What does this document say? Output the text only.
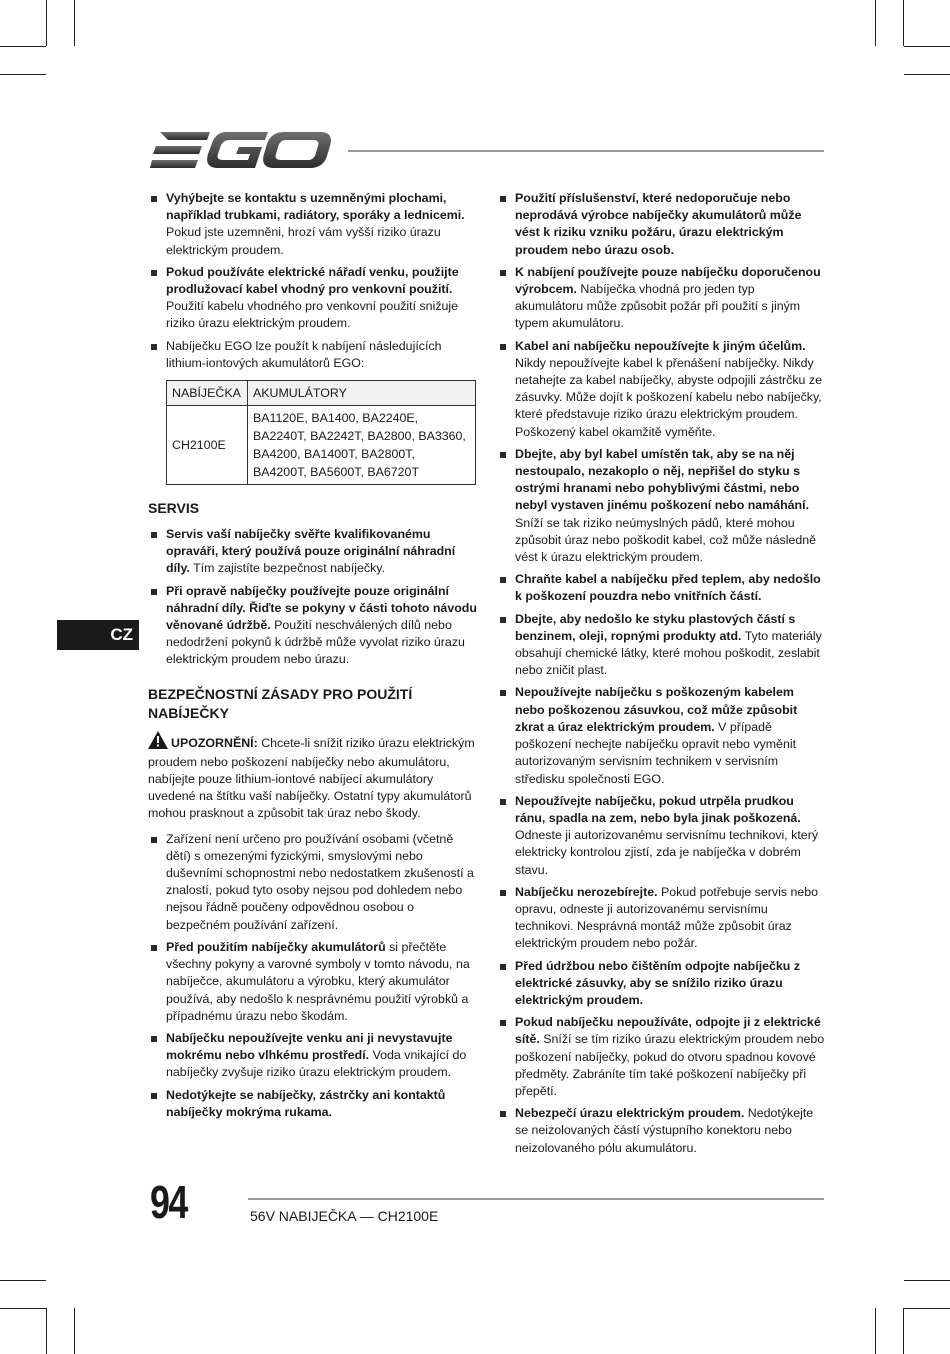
CZ
Vyhýbejte se kontaktu s uzemněnými plochami, například trubkami, radiátory, sporáky a lednicemi. Pokud jste uzemněni, hrozí vám vyšší riziko úrazu elektrickým proudem.
Pokud používáte elektrické nářadí venku, použijte prodlužovací kabel vhodný pro venkovní použití. Použití kabelu vhodného pro venkovní použití snižuje riziko úrazu elektrickým proudem.
Nabíječku EGO lze použít k nabíjení následujících lithium-iontových akumulátorů EGO:
NABÍJEČKA	AKUMULÁTORY
CH2100E	BA1120E, BA1400, BA2240E, BA2240T, BA2242T, BA2800, BA3360, BA4200, BA1400T, BA2800T, BA4200T, BA5600T, BA6720T
SERVIS
Servis vaší nabíječky svěřte kvalifikovanému opraváři, který používá pouze originální náhradní díly. Tím zajistíte bezpečnost nabíječky.
Při opravě nabíječky používejte pouze originální náhradní díly. Řiďte se pokyny v části tohoto návodu věnované údržbě. Použití neschválených dílů nebo nedodržení pokynů k údržbě může vyvolat riziko úrazu elektrickým proudem nebo úrazu.
BEZPEČNOSTNÍ ZÁSADY PRO POUŽITÍ NABÍJEČKY
UPOZORNĚNÍ: Chcete-li snížit riziko úrazu elektrickým proudem nebo poškození nabíječky nebo akumulátoru, nabíjejte pouze lithium-iontové nabíjecí akumulátory uvedené na štítku vaší nabíječky. Ostatní typy akumulátorů mohou prasknout a způsobit tak úraz nebo škody.
Zařízení není určeno pro používání osobami (včetně dětí) s omezenými fyzickými, smyslovými nebo duševními schopnostmi nebo nedostatkem zkušeností a znalostí, pokud tyto osoby nejsou pod dohledem nebo nejsou řádně poučeny odpovědnou osobou o bezpečném používání zařízení.
Před použitím nabíječky akumulátorů si přečtěte všechny pokyny a varovné symboly v tomto návodu, na nabíječce, akumulátoru a výrobku, který akumulátor používá, aby nedošlo k nesprávnému použití výrobků a případnému úrazu nebo škodám.
Nabíječku nepoužívejte venku ani ji nevystavujte mokrému nebo vlhkému prostředí. Voda vnikající do nabíječky zvyšuje riziko úrazu elektrickým proudem.
Nedotýkejte se nabíječky, zástrčky ani kontaktů nabíječky mokrýma rukama.
Použití příslušenství, které nedoporučuje nebo neprodává výrobce nabíječky akumulátorů může vést k riziku vzniku požáru, úrazu elektrickým proudem nebo úrazu osob.
K nabíjení používejte pouze nabíječku doporučenou výrobcem. Nabíječka vhodná pro jeden typ akumulátoru může způsobit požár při použití s jiným typem akumulátoru.
Kabel ani nabíječku nepoužívejte k jiným účelům. Nikdy nepoužívejte kabel k přenášení nabíječky. Nikdy netahejte za kabel nabíječky, abyste odpojili zástrčku ze zásuvky. Může dojít k poškození kabelu nebo nabíječky, které představuje riziko úrazu elektrickým proudem. Poškozený kabel okamžitě vyměňte.
Dbejte, aby byl kabel umístěn tak, aby se na něj nestoupalo, nezakoplo o něj, nepřišel do styku s ostrými hranami nebo pohyblivými částmi, nebo nebyl vystaven jinému poškození nebo namáhání. Sníží se tak riziko neúmyslných pádů, které mohou způsobit úraz nebo poškodit kabel, což může následně vést k úrazu elektrickým proudem.
Chraňte kabel a nabíječku před teplem, aby nedošlo k poškození pouzdra nebo vnitřních částí.
Dbejte, aby nedošlo ke styku plastových částí s benzinem, oleji, ropnými produkty atd. Tyto materiály obsahují chemické látky, které mohou poškodit, zeslabit nebo zničit plast.
Nepoužívejte nabíječku s poškozeným kabelem nebo poškozenou zásuvkou, což může způsobit zkrat a úraz elektrickým proudem. V případě poškození nechejte nabíječku opravit nebo vyměnit autorizovaným servisním technikem v servisním středisku společnosti EGO.
Nepoužívejte nabíječku, pokud utrpěla prudkou ránu, spadla na zem, nebo byla jinak poškozená. Odneste ji autorizovanému servisnímu technikovi, který elektricky kontrolou zjistí, zda je nabíječka v dobrém stavu.
Nabíječku nerozebírejte. Pokud potřebuje servis nebo opravu, odneste ji autorizovanému servisnímu technikovi. Nesprávná montáž může způsobit úraz elektrickým proudem nebo požár.
Před údržbou nebo čištěním odpojte nabíječku z elektrické zásuvky, aby se snížilo riziko úrazu elektrickým proudem.
Pokud nabíječku nepoužíváte, odpojte ji z elektrické sítě. Sníží se tím riziko úrazu elektrickým proudem nebo poškození nabíječky, pokud do otvoru spadnou kovové předměty. Zabráníte tím také poškození nabíječky při přepětí.
Nebezpečí úrazu elektrickým proudem. Nedotýkejte se neizolovaných částí výstupního konektoru nebo neizolovaného pólu akumulátoru.
94	56V NABIJEČKA — CH2100E
